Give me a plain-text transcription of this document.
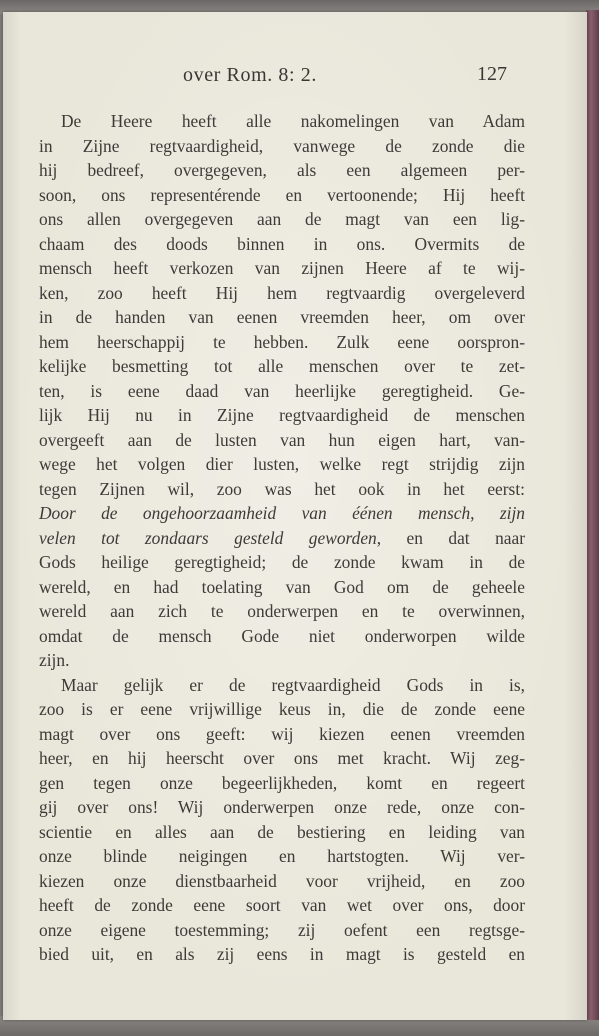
over Rom. 8: 2.	127
De Heere heeft alle nakomelingen van Adam
in Zijne regtvaardigheid, vanwege de zonde die
hij bedreef, overgegeven, als een algemeen per-
soon, ons representérende en vertoonende; Hij heeft
ons allen overgegeven aan de magt van een lig-
chaam des doods binnen in ons. Overmits de
mensch heeft verkozen van zijnen Heere af te wij-
ken, zoo heeft Hij hem regtvaardig overgeleverd
in de handen van eenen vreemden heer, om over
hem heerschappij te hebben. Zulk eene oorspron-
kelijke besmetting tot alle menschen over te zet-
ten, is eene daad van heerlijke geregtigheid. Ge-
lijk Hij nu in Zijne regtvaardigheid de menschen
overgeeft aan de lusten van hun eigen hart, van-
wege het volgen dier lusten, welke regt strijdig zijn
tegen Zijnen wil, zoo was het ook in het eerst:
Door de ongehoorzaamheid van éénen mensch, zijn
velen tot zondaars gesteld geworden, en dat naar
Gods heilige geregtigheid; de zonde kwam in de
wereld, en had toelating van God om de geheele
wereld aan zich te onderwerpen en te overwinnen,
omdat de mensch Gode niet onderworpen wilde
zijn.
Maar gelijk er de regtvaardigheid Gods in is,
zoo is er eene vrijwillige keus in, die de zonde eene
magt over ons geeft: wij kiezen eenen vreemden
heer, en hij heerscht over ons met kracht. Wij zeg-
gen tegen onze begeerlijkheden, komt en regeert
gij over ons! Wij onderwerpen onze rede, onze con-
scientie en alles aan de bestiering en leiding van
onze blinde neigingen en hartstogten. Wij ver-
kiezen onze dienstbaarheid voor vrijheid, en zoo
heeft de zonde eene soort van wet over ons, door
onze eigene toestemming; zij oefent een regtsge-
bied uit, en als zij eens in magt is gesteld en
